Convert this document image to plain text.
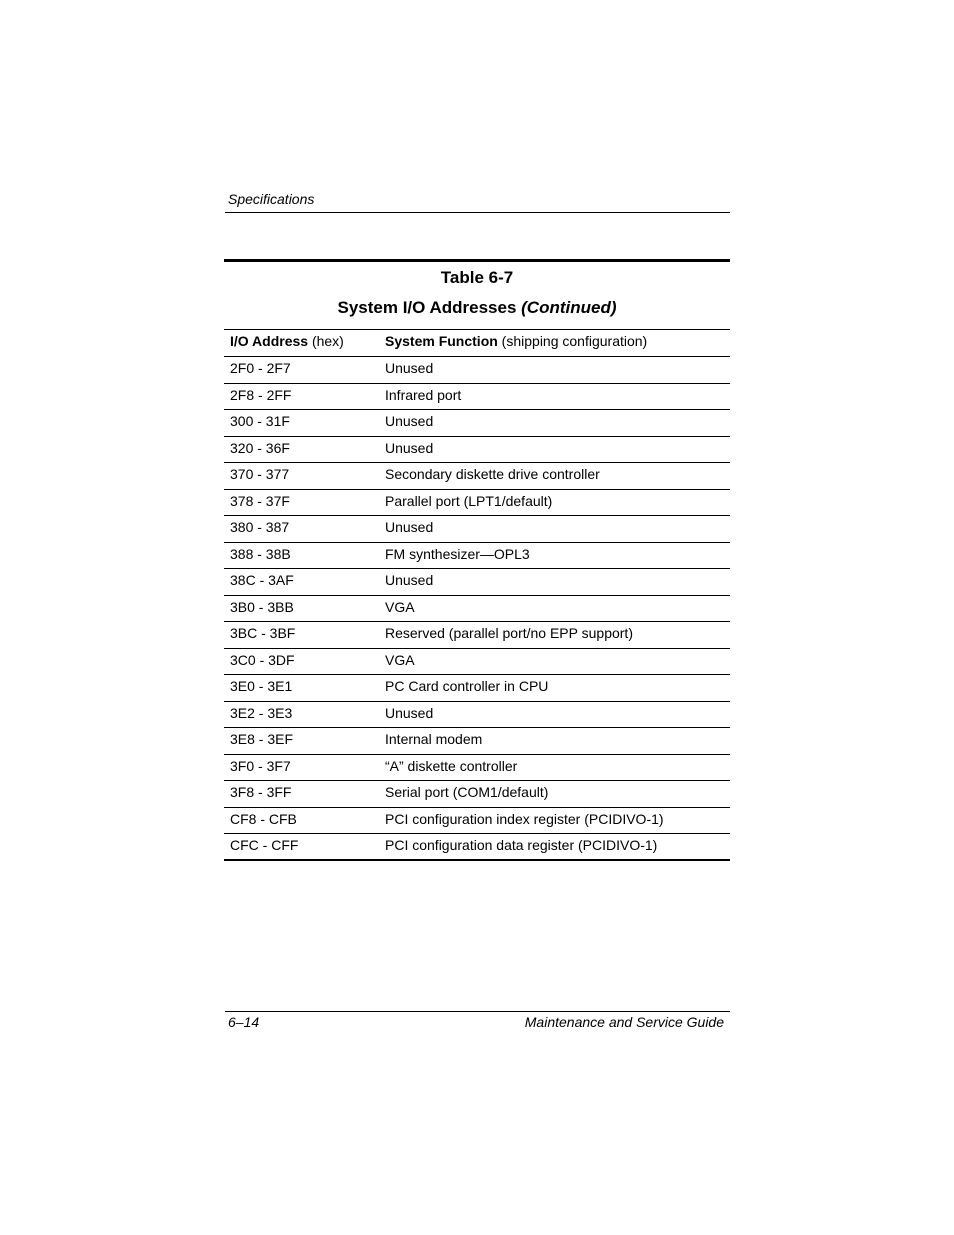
Specifications
Table 6-7
System I/O Addresses (Continued)
I/O Address (hex)	System Function (shipping configuration)
2F0 - 2F7	Unused
2F8 - 2FF	Infrared port
300 - 31F	Unused
320 - 36F	Unused
370 - 377	Secondary diskette drive controller
378 - 37F	Parallel port (LPT1/default)
380 - 387	Unused
388 - 38B	FM synthesizer—OPL3
38C - 3AF	Unused
3B0 - 3BB	VGA
3BC - 3BF	Reserved (parallel port/no EPP support)
3C0 - 3DF	VGA
3E0 - 3E1	PC Card controller in CPU
3E2 - 3E3	Unused
3E8 - 3EF	Internal modem
3F0 - 3F7	“A” diskette controller
3F8 - 3FF	Serial port (COM1/default)
CF8 - CFB	PCI configuration index register (PCIDIVO-1)
CFC - CFF	PCI configuration data register (PCIDIVO-1)
6–14	Maintenance and Service Guide
